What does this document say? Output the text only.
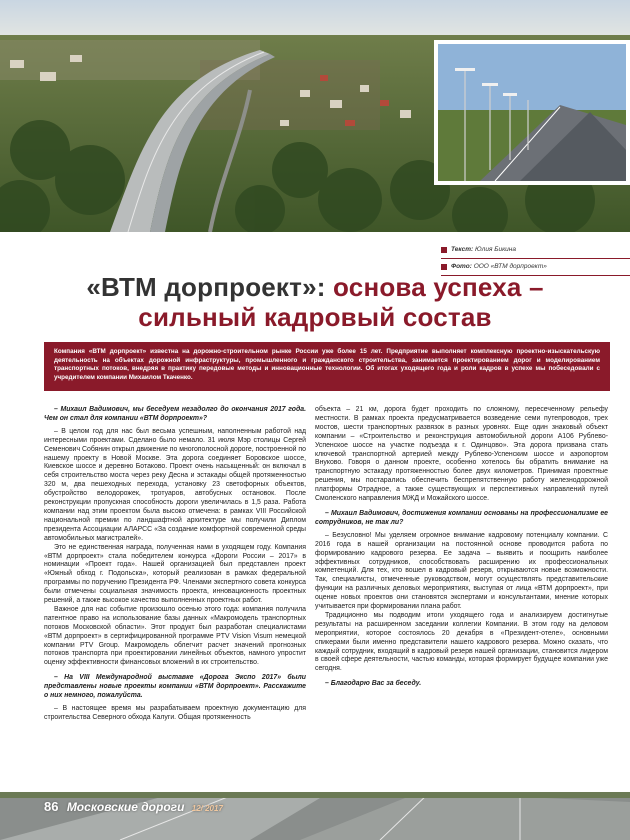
Текст: Юлия Бикина
Фото: ООО «ВТМ дорпроект»
«ВТМ дорпроект»: основа успеха –
сильный кадровый состав
Компания «ВТМ дорпроект» известна на дорожно-строительном рынке России уже более 15 лет. Предприятие выполняет комплексную проектно-изыскательскую деятельность на объектах дорожной инфраструктуры, промышленного и гражданского строительства, занимается проектированием дорог и моделированием транспортных потоков, внедряя в практику передовые методы и инновационные технологии. Об итогах уходящего года и роли кадров в успехе мы побеседовали с учредителем компании Михаилом Ткаченко.

– Михаил Вадимович, мы беседуем незадолго до окончания 2017 года. Чем он стал для компании «ВТМ дорпроект»?

– В целом год для нас был весьма успешным, наполненным работой над интересными проектами. Сделано было немало. 31 июля Мэр столицы Сергей Семенович Собянин открыл движение по многополосной дороге, построенной по нашему проекту в Новой Москве. Эта дорога соединяет Боровское шоссе, Киевское шоссе и деревню Ботаково. Проект очень насыщенный: он включал в себя строительство моста через реку Десна и эстакады общей протяженностью 320 м, два пешеходных перехода, установку 23 светофорных объектов, обустройство велодорожек, тротуаров, автобусных остановок. После реконструкции пропускная способность дороги увеличилась в 1,5 раза. Работа компании над этим проектом была высоко отмечена: в рамках VIII Российской национальной премии по ландшафтной архитектуре мы получили Диплом президента Ассоциации АЛАРСС «За создание комфортной современной среды автомобильных магистралей».

Это не единственная награда, полученная нами в уходящем году. Компания «ВТМ дорпроект» стала победителем конкурса «Дороги России – 2017» в номинации «Проект года». Нашей организацией был представлен проект «Южный обход г. Подольска», который реализован в рамках федеральной программы по поручению Президента РФ. Членами экспертного совета конкурса были отмечены социальная значимость проекта, инновационность проектных решений, а также высокое качество выполненных проектных работ.

Важное для нас событие произошло осенью этого года: компания получила патентное право на использование базы данных «Макромодель транспортных потоков Московской области». Этот продукт был разработан специалистами «ВТМ дорпроект» в сертифицированной программе PTV Vision Visum немецкой компании PTV Group. Макромодель облегчит расчет значений прогнозных потоков транспорта при проектировании линейных объектов, намного упростит оценку эффективности финансовых вложений в их строительство.

– На VIII Международной выставке «Дорога Экспо 2017» были представлены новые проекты компании «ВТМ дорпроект». Расскажите о них немного, пожалуйста.

– В настоящее время мы разрабатываем проектную документацию для строительства Северного обхода Калуги. Общая протяженность

объекта – 21 км, дорога будет проходить по сложному, пересеченному рельефу местности. В рамках проекта предусматривается возведение семи путепроводов, трех мостов, шести транспортных развязок в разных уровнях. Еще один знаковый объект компании – «Строительство и реконструкция автомобильной дороги А106 Рублево-Успенское шоссе на участке подъезда к г. Одинцово». Эта дорога призвана стать ключевой транспортной артерией между Рублево-Успенским шоссе и аэропортом Внуково. Говоря о данном проекте, особенно хотелось бы обратить внимание на транспортную эстакаду протяженностью более двух километров. Принимая проектные решения, мы постарались обеспечить беспрепятственную работу железнодорожной платформы Отрадное, а также существующих и перспективных направлений путей Смоленского направления МЖД и Можайского шоссе.

– Михаил Вадимович, достижения компании основаны на профессионализме ее сотрудников, не так ли?

– Безусловно! Мы уделяем огромное внимание кадровому потенциалу компании. С 2016 года в нашей организации на постоянной основе проводится работа по формированию кадрового резерва. Ее задача – выявить и поощрить наиболее эффективных сотрудников, способствовать расширению их профессиональных компетенций. Для тех, кто вошел в кадровый резерв, открываются новые возможности. Так, специалисты, отмеченные руководством, могут осуществлять представительские функции на различных деловых мероприятиях, выступая от лица «ВТМ дорпроект», при оценке новых проектов они становятся экспертами и консультантами, мнение которых учитывается при формировании плана работ.

Традиционно мы подводим итоги уходящего года и анализируем достигнутые результаты на расширенном заседании коллегии Компании. В этом году на деловом мероприятии, которое состоялось 20 декабря в «Президент-отеле», основными спикерами были именно представители нашего кадрового резерва. Можно сказать, что каждый сотрудник, входящий в кадровый резерв нашей организации, становится лидером в своей сфере деятельности, частью команды, которая формирует будущее компании уже сегодня.

– Благодарю Вас за беседу.

86 Московские дороги 12/ 2017
